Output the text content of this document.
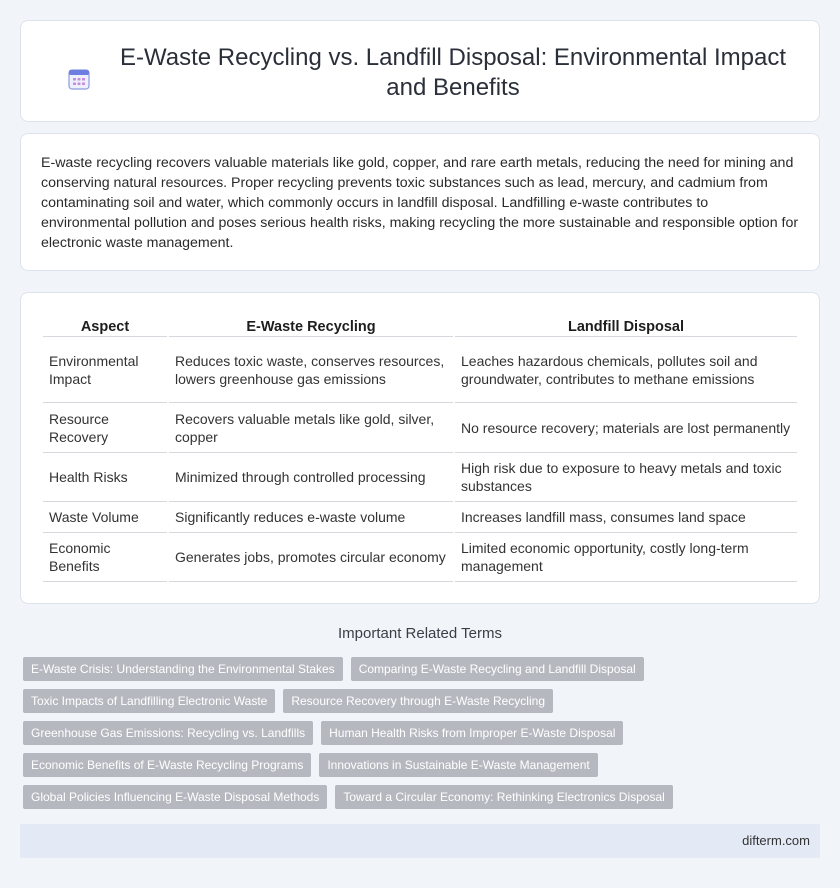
E-Waste Recycling vs. Landfill Disposal: Environmental Impact and Benefits

E-waste recycling recovers valuable materials like gold, copper, and rare earth metals, reducing the need for mining and conserving natural resources. Proper recycling prevents toxic substances such as lead, mercury, and cadmium from contaminating soil and water, which commonly occurs in landfill disposal. Landfilling e-waste contributes to environmental pollution and poses serious health risks, making recycling the more sustainable and responsible option for electronic waste management.

Aspect	E-Waste Recycling	Landfill Disposal
Environmental Impact	Reduces toxic waste, conserves resources, lowers greenhouse gas emissions	Leaches hazardous chemicals, pollutes soil and groundwater, contributes to methane emissions
Resource Recovery	Recovers valuable metals like gold, silver, copper	No resource recovery; materials are lost permanently
Health Risks	Minimized through controlled processing	High risk due to exposure to heavy metals and toxic substances
Waste Volume	Significantly reduces e-waste volume	Increases landfill mass, consumes land space
Economic Benefits	Generates jobs, promotes circular economy	Limited economic opportunity, costly long-term management
Important Related Terms
E-Waste Crisis: Understanding the Environmental Stakes	Comparing E-Waste Recycling and Landfill Disposal
Toxic Impacts of Landfilling Electronic Waste	Resource Recovery through E-Waste Recycling
Greenhouse Gas Emissions: Recycling vs. Landfills	Human Health Risks from Improper E-Waste Disposal
Economic Benefits of E-Waste Recycling Programs	Innovations in Sustainable E-Waste Management
Global Policies Influencing E-Waste Disposal Methods	Toward a Circular Economy: Rethinking Electronics Disposal
difterm.com
